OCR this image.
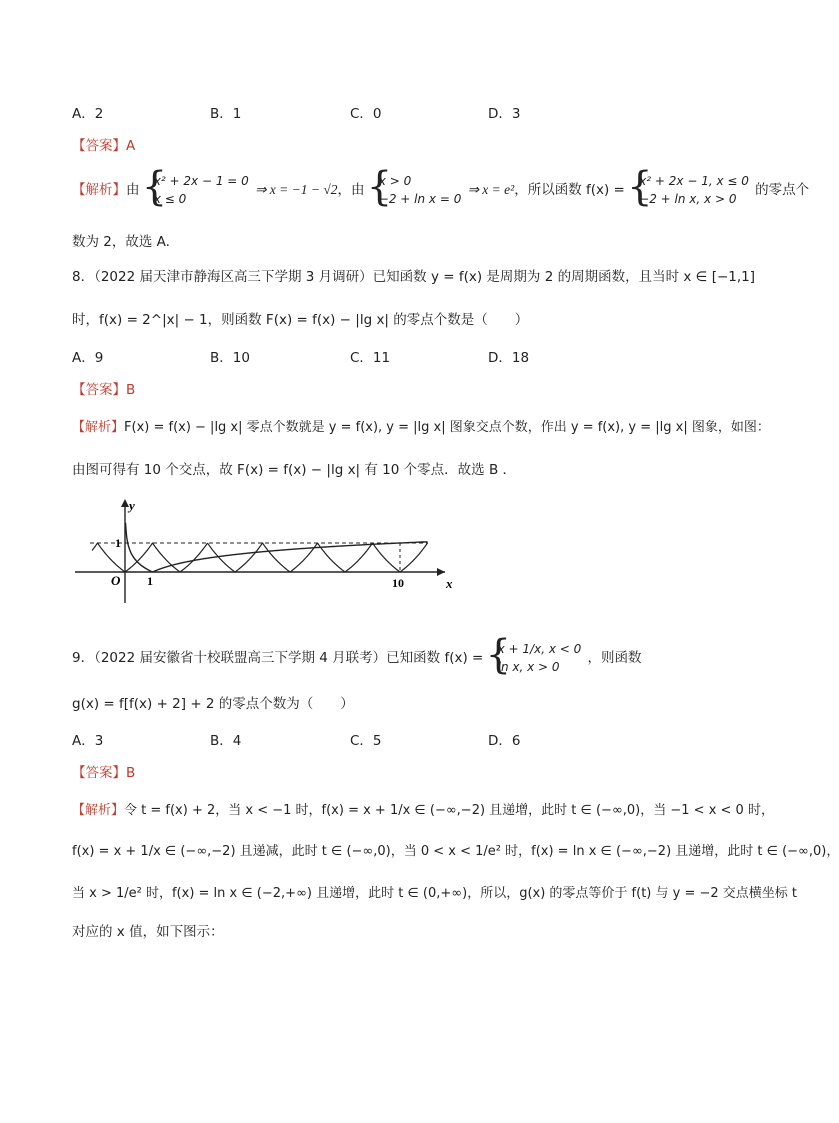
A．2	B．1	C．0	D．3
【答案】A
【解析】由
{ x² + 2x − 1 = 0
x ≤ 0
⇒ x = −1 − √2，由
{ x > 0
−2 + ln x = 0
⇒ x = e²，所以函数 f(x) =
{ x² + 2x − 1, x ≤ 0
−2 + ln x, x > 0
的零点个
数为 2，故选 A.
8．（2022 届天津市静海区高三下学期 3 月调研）已知函数 y = f(x) 是周期为 2 的周期函数，且当时 x ∈ [−1,1]
时，f(x) = 2^|x| − 1，则函数 F(x) = f(x) − |lg x| 的零点个数是（　　）
A．9	B．10	C．11	D．18
【答案】B
【解析】F(x) = f(x) − |lg x| 零点个数就是 y = f(x), y = |lg x| 图象交点个数，作出 y = f(x), y = |lg x| 图象，如图：
由图可得有 10 个交点，故 F(x) = f(x) − |lg x| 有 10 个零点．故选 B ．
y
1
O 1	10	x
9．（2022 届安徽省十校联盟高三下学期 4 月联考）已知函数 f(x) =
{ x + 1/x, x < 0
ln x, x > 0
，则函数
g(x) = f[f(x) + 2] + 2 的零点个数为（　　）
A．3	B．4	C．5	D．6
【答案】B
【解析】令 t = f(x) + 2，当 x < −1 时，f(x) = x + 1/x ∈ (−∞,−2) 且递增，此时 t ∈ (−∞,0)，当 −1 < x < 0 时，
f(x) = x + 1/x ∈ (−∞,−2) 且递减，此时 t ∈ (−∞,0)，当 0 < x < 1/e² 时，f(x) = ln x ∈ (−∞,−2) 且递增，此时 t ∈ (−∞,0)，
当 x > 1/e² 时，f(x) = ln x ∈ (−2,+∞) 且递增，此时 t ∈ (0,+∞)，所以，g(x) 的零点等价于 f(t) 与 y = −2 交点横坐标 t
对应的 x 值，如下图示：
